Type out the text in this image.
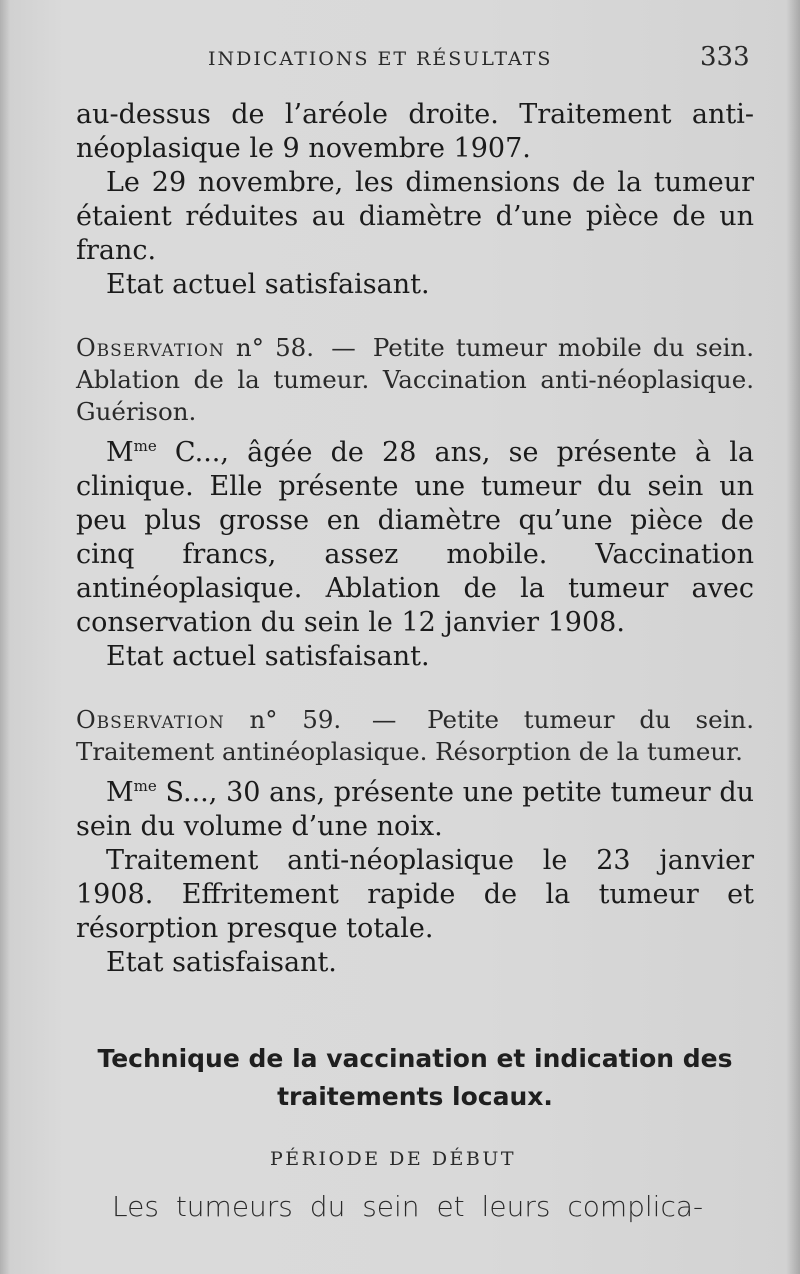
INDICATIONS ET RÉSULTATS	333

au-dessus de l’aréole droite. Traitement anti-néoplasique le 9 novembre 1907.

Le 29 novembre, les dimensions de la tumeur étaient réduites au diamètre d’une pièce de un franc.

Etat actuel satisfaisant.

Observation n° 58. — Petite tumeur mobile du sein. Ablation de la tumeur. Vaccination anti-néoplasique. Guérison.

$M^{me}$ C..., âgée de 28 ans, se présente à la clinique. Elle présente une tumeur du sein un peu plus grosse en diamètre qu’une pièce de cinq francs, assez mobile. Vaccination antinéoplasique. Ablation de la tumeur avec conservation du sein le 12 janvier 1908.

Etat actuel satisfaisant.

Observation n° 59. — Petite tumeur du sein. Traitement antinéoplasique. Résorption de la tumeur.

$M^{me}$ S..., 30 ans, présente une petite tumeur du sein du volume d’une noix.

Traitement anti-néoplasique le 23 janvier 1908. Effritement rapide de la tumeur et résorption presque totale.

Etat satisfaisant.

Technique de la vaccination et indication des traitements locaux.
PÉRIODE DE DÉBUT
Les tumeurs du sein et leurs complica-
